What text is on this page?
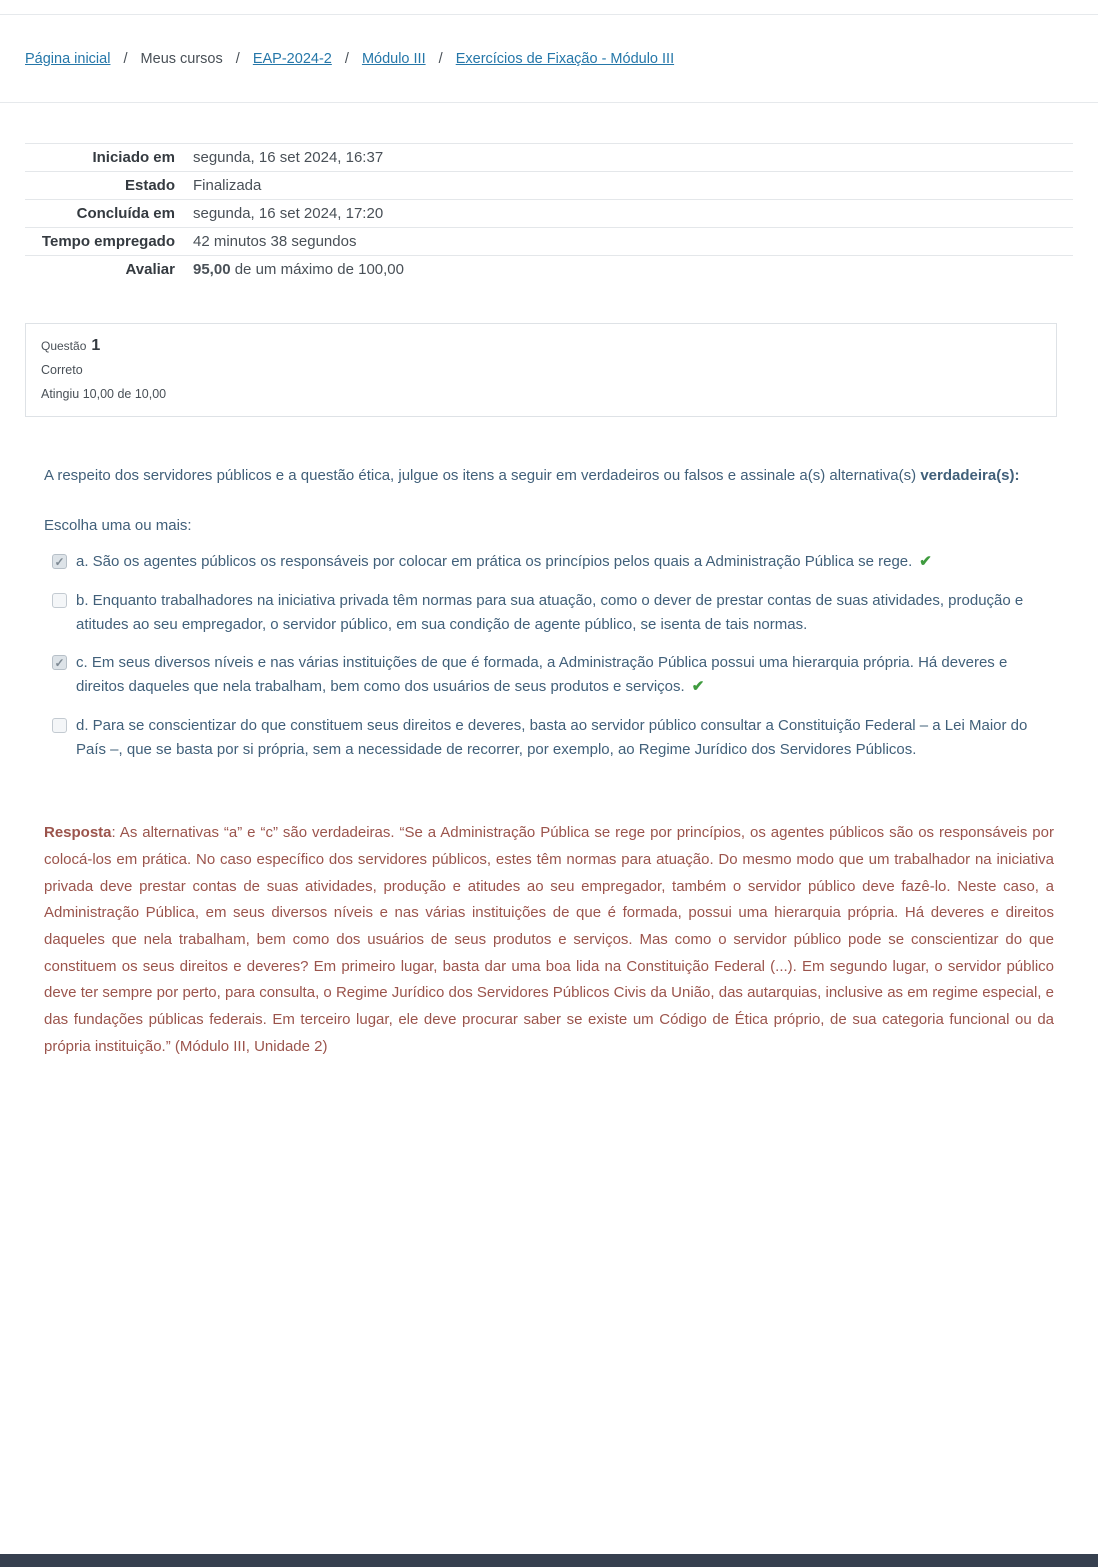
Página inicial / Meus cursos / EAP-2024-2 / Módulo III / Exercícios de Fixação - Módulo III
Iniciado em	segunda, 16 set 2024, 16:37
Estado	Finalizada
Concluída em	segunda, 16 set 2024, 17:20
Tempo empregado	42 minutos 38 segundos
Avaliar	95,00 de um máximo de 100,00
Questão 1
Correto
Atingiu 10,00 de 10,00

A respeito dos servidores públicos e a questão ética, julgue os itens a seguir em verdadeiros ou falsos e assinale a(s) alternativa(s) verdadeira(s):

Escolha uma ou mais:

✓ a. São os agentes públicos os responsáveis por colocar em prática os princípios pelos quais a Administração Pública se rege. ✔
b. Enquanto trabalhadores na iniciativa privada têm normas para sua atuação, como o dever de prestar contas de suas atividades, produção e atitudes ao seu empregador, o servidor público, em sua condição de agente público, se isenta de tais normas.
✓ c. Em seus diversos níveis e nas várias instituições de que é formada, a Administração Pública possui uma hierarquia própria. Há deveres e direitos daqueles que nela trabalham, bem como dos usuários de seus produtos e serviços. ✔
d. Para se conscientizar do que constituem seus direitos e deveres, basta ao servidor público consultar a Constituição Federal – a Lei Maior do País –, que se basta por si própria, sem a necessidade de recorrer, por exemplo, ao Regime Jurídico dos Servidores Públicos.

Resposta: As alternativas “a” e “c” são verdadeiras. “Se a Administração Pública se rege por princípios, os agentes públicos são os responsáveis por colocá-los em prática. No caso específico dos servidores públicos, estes têm normas para atuação. Do mesmo modo que um trabalhador na iniciativa privada deve prestar contas de suas atividades, produção e atitudes ao seu empregador, também o servidor público deve fazê-lo. Neste caso, a Administração Pública, em seus diversos níveis e nas várias instituições de que é formada, possui uma hierarquia própria. Há deveres e direitos daqueles que nela trabalham, bem como dos usuários de seus produtos e serviços. Mas como o servidor público pode se conscientizar do que constituem os seus direitos e deveres? Em primeiro lugar, basta dar uma boa lida na Constituição Federal (...). Em segundo lugar, o servidor público deve ter sempre por perto, para consulta, o Regime Jurídico dos Servidores Públicos Civis da União, das autarquias, inclusive as em regime especial, e das fundações públicas federais. Em terceiro lugar, ele deve procurar saber se existe um Código de Ética próprio, de sua categoria funcional ou da própria instituição.” (Módulo III, Unidade 2)
